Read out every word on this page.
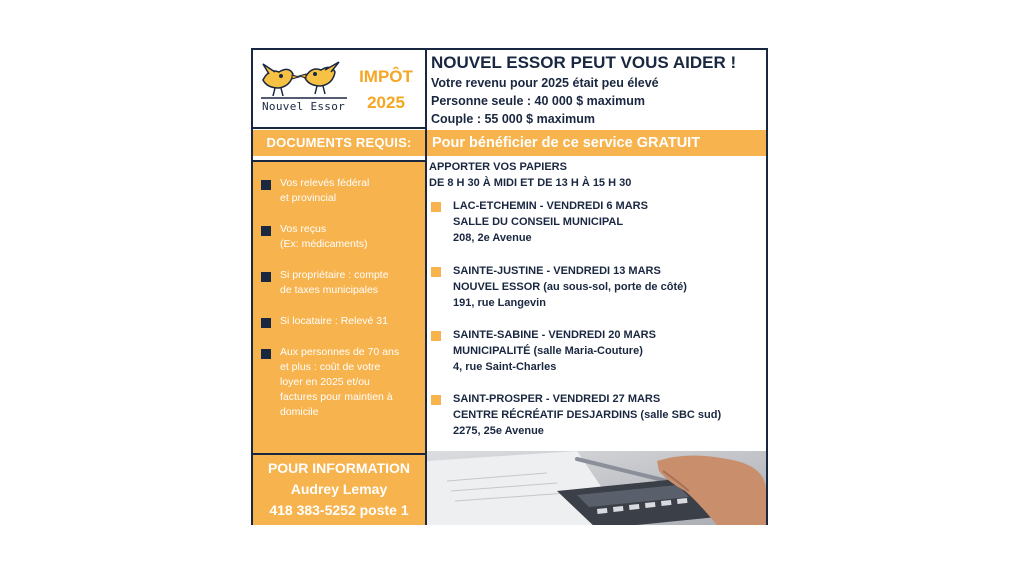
Nouvel Essor
IMPÔT
2025
DOCUMENTS REQUIS:
Vos relevés fédéral
et provincial
Vos reçus
(Ex: médicaments)
Si propriétaire : compte
de taxes municipales
Si locataire : Relevé 31
Aux personnes de 70 ans
et plus : coût de votre
loyer en 2025 et/ou
factures pour maintien à
domicile
POUR INFORMATION
Audrey Lemay
418 383-5252 poste 1
NOUVEL ESSOR PEUT VOUS AIDER !
Votre revenu pour 2025 était peu élevé
Personne seule : 40 000 $ maximum
Couple : 55 000 $ maximum
Pour bénéficier de ce service GRATUIT
APPORTER VOS PAPIERS
DE 8 H 30 À MIDI ET DE 13 H À 15 H 30
LAC-ETCHEMIN - VENDREDI 6 MARS
SALLE DU CONSEIL MUNICIPAL
208, 2e Avenue
SAINTE-JUSTINE - VENDREDI 13 MARS
NOUVEL ESSOR (au sous-sol, porte de côté)
191, rue Langevin
SAINTE-SABINE - VENDREDI 20 MARS
MUNICIPALITÉ (salle Maria-Couture)
4, rue Saint-Charles
SAINT-PROSPER - VENDREDI 27 MARS
CENTRE RÉCRÉATIF DESJARDINS (salle SBC sud)
2275, 25e Avenue
